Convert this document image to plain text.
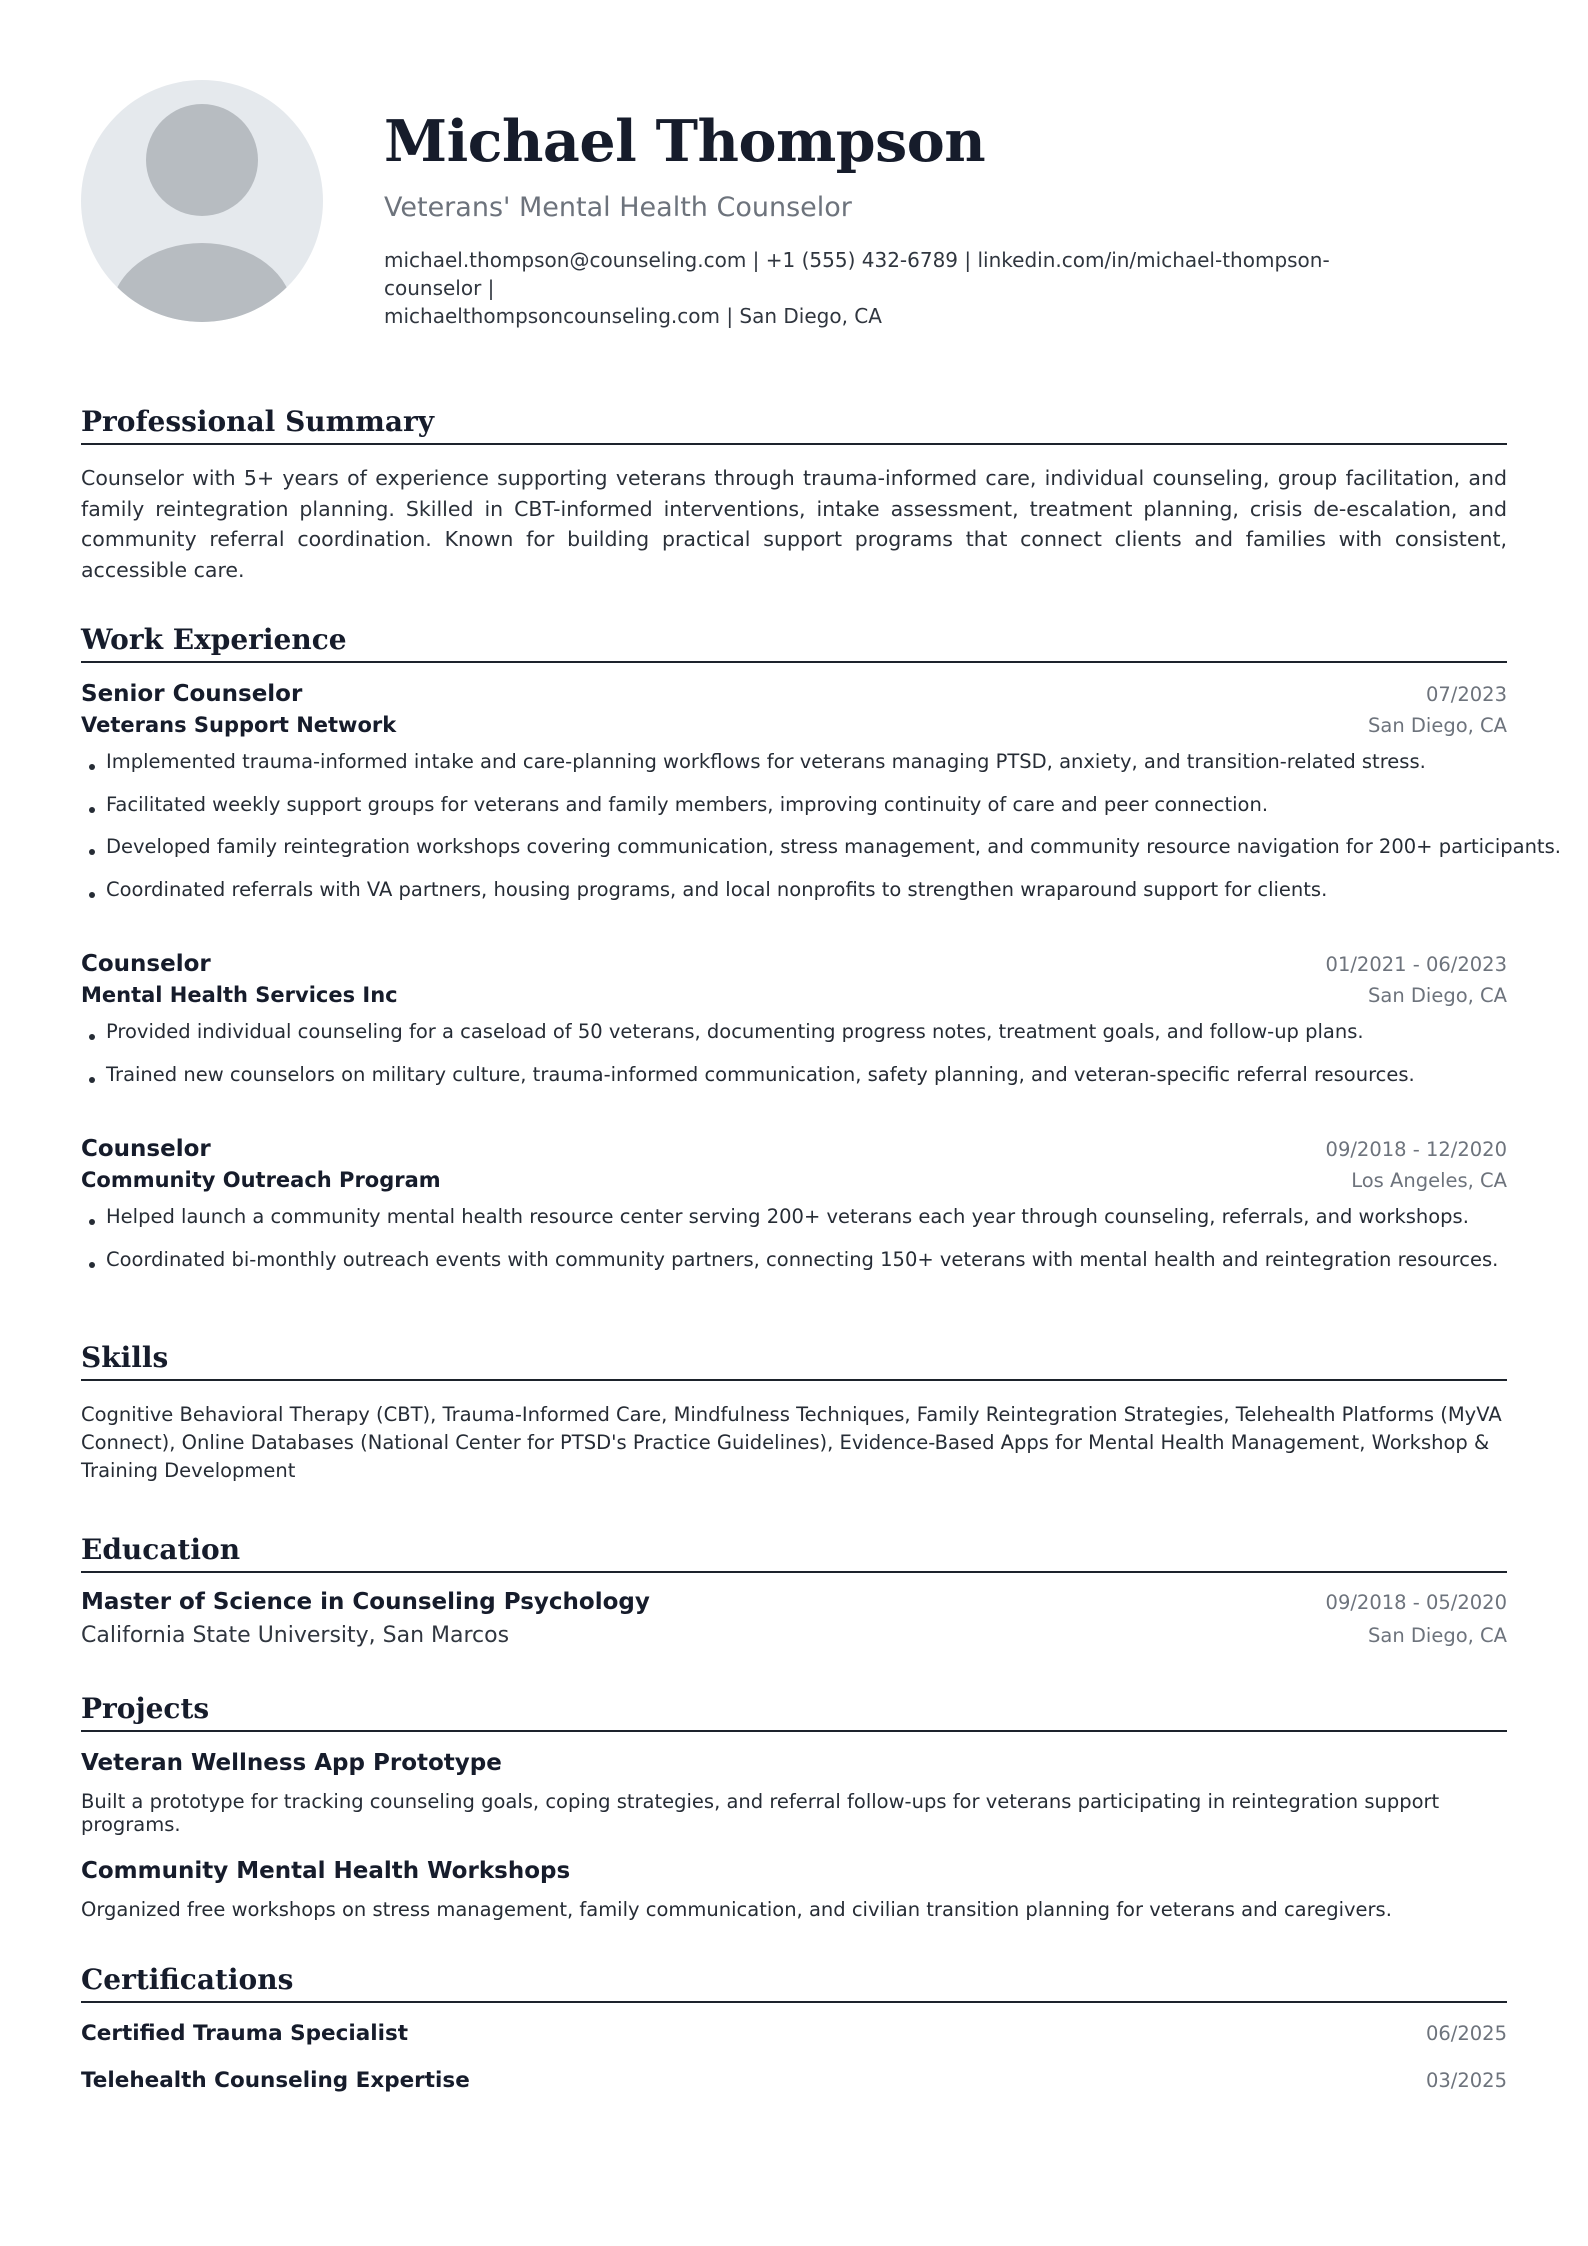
Michael Thompson
Veterans' Mental Health Counselor
michael.thompson@counseling.com | +1 (555) 432-6789 | linkedin.com/in/michael-thompson-counselor |
michaelthompsoncounseling.com | San Diego, CA
Professional Summary
Counselor with 5+ years of experience supporting veterans through trauma-informed care, individual counseling, group facilitation, and family reintegration planning. Skilled in CBT-informed interventions, intake assessment, treatment planning, crisis de-escalation, and community referral coordination. Known for building practical support programs that connect clients and families with consistent, accessible care.
Work Experience
Senior Counselor	07/2023
Veterans Support Network	San Diego, CA
Implemented trauma-informed intake and care-planning workflows for veterans managing PTSD, anxiety, and transition-related stress.
Facilitated weekly support groups for veterans and family members, improving continuity of care and peer connection.
Developed family reintegration workshops covering communication, stress management, and community resource navigation for 200+ participants.
Coordinated referrals with VA partners, housing programs, and local nonprofits to strengthen wraparound support for clients.
Counselor	01/2021 - 06/2023
Mental Health Services Inc	San Diego, CA
Provided individual counseling for a caseload of 50 veterans, documenting progress notes, treatment goals, and follow-up plans.
Trained new counselors on military culture, trauma-informed communication, safety planning, and veteran-specific referral resources.
Counselor	09/2018 - 12/2020
Community Outreach Program	Los Angeles, CA
Helped launch a community mental health resource center serving 200+ veterans each year through counseling, referrals, and workshops.
Coordinated bi-monthly outreach events with community partners, connecting 150+ veterans with mental health and reintegration resources.
Skills
Cognitive Behavioral Therapy (CBT), Trauma-Informed Care, Mindfulness Techniques, Family Reintegration Strategies, Telehealth Platforms (MyVA Connect), Online Databases (National Center for PTSD's Practice Guidelines), Evidence-Based Apps for Mental Health Management, Workshop & Training Development
Education
Master of Science in Counseling Psychology	09/2018 - 05/2020
California State University, San Marcos	San Diego, CA
Projects
Veteran Wellness App Prototype
Built a prototype for tracking counseling goals, coping strategies, and referral follow-ups for veterans participating in reintegration support programs.
Community Mental Health Workshops
Organized free workshops on stress management, family communication, and civilian transition planning for veterans and caregivers.
Certifications
Certified Trauma Specialist	06/2025
Telehealth Counseling Expertise	03/2025
